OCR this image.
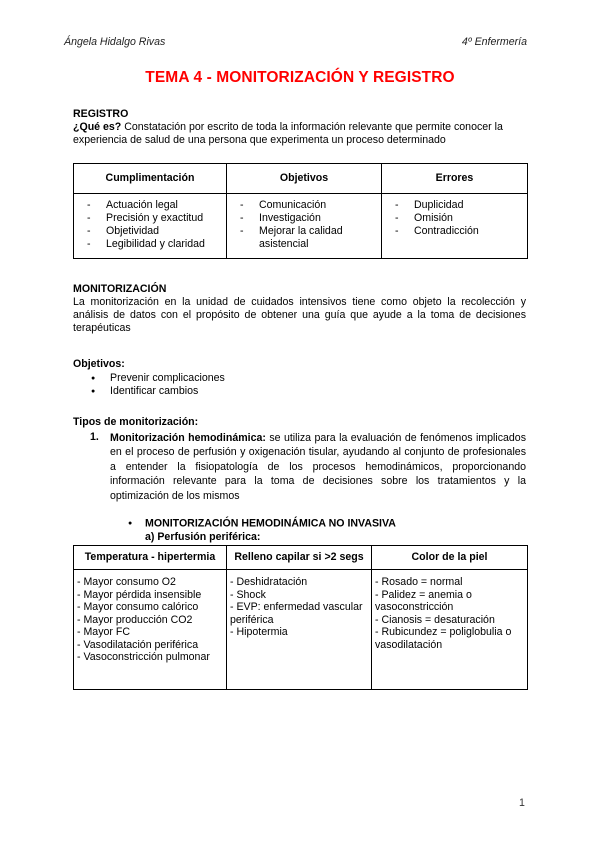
Ángela Hidalgo Rivas	4º Enfermería
TEMA 4 - MONITORIZACIÓN Y REGISTRO
REGISTRO
¿Qué es? Constatación por escrito de toda la información relevante que permite conocer la experiencia de salud de una persona que experimenta un proceso determinado
Cumplimentación	Objetivos	Errores

- Actuación legal
- Precisión y exactitud
- Objetividad
- Legibilidad y claridad

- Comunicación
- Investigación
- Mejorar la calidad asistencial

- Duplicidad
- Omisión
- Contradicción
MONITORIZACIÓN
La monitorización en la unidad de cuidados intensivos tiene como objeto la recolección y análisis de datos con el propósito de obtener una guía que ayude a la toma de decisiones terapéuticas
Objetivos:
● Prevenir complicaciones
● Identificar cambios
Tipos de monitorización:
1. Monitorización hemodinámica: se utiliza para la evaluación de fenómenos implicados en el proceso de perfusión y oxigenación tisular, ayudando al conjunto de profesionales a entender la fisiopatología de los procesos hemodinámicos, proporcionando información relevante para la toma de decisiones sobre los tratamientos y la optimización de los mismos
● MONITORIZACIÓN HEMODINÁMICA NO INVASIVA
a) Perfusión periférica:
Temperatura - hipertermia	Relleno capilar si >2 segs	Color de la piel

- Mayor consumo O2
- Mayor pérdida insensible
- Mayor consumo calórico
- Mayor producción CO2
- Mayor FC
- Vasodilatación periférica
- Vasoconstricción pulmonar

- Deshidratación
- Shock
- EVP: enfermedad vascular periférica
- Hipotermia

- Rosado = normal
- Palidez = anemia o vasoconstricción
- Cianosis = desaturación
- Rubicundez = poliglobulia o vasodilatación
1
